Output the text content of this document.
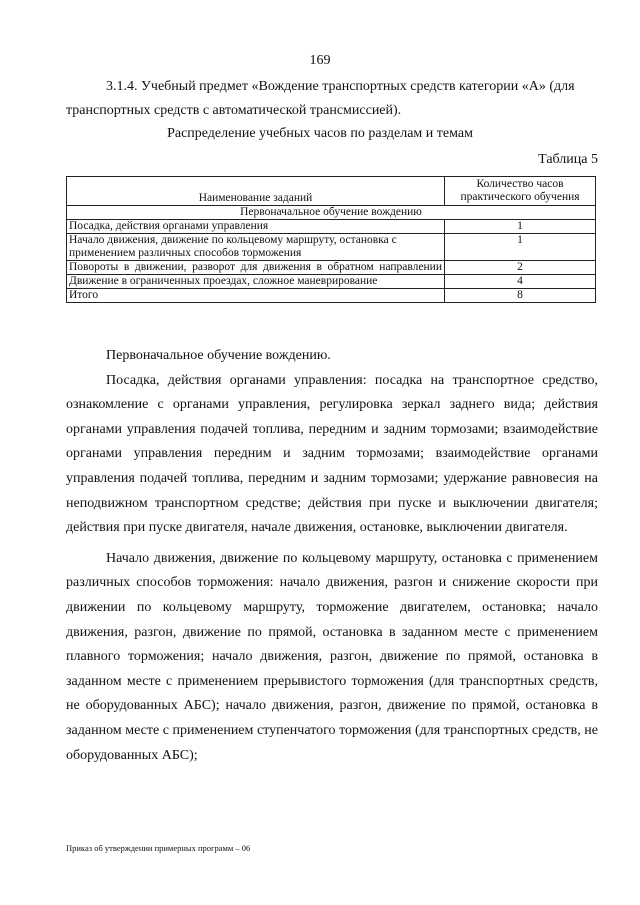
169
3.1.4. Учебный предмет «Вождение транспортных средств категории «А» (для
транспортных средств с автоматической трансмиссией).
Распределение учебных часов по разделам и темам
Таблица 5
Наименование заданий	Количество часов практического обучения
Первоначальное обучение вождению	
Посадка, действия органами управления	1
Начало движения, движение по кольцевому маршруту, остановка с применением различных способов торможения	1
Повороты в движении, разворот для движения в обратном направлении	2
Движение в ограниченных проездах, сложное маневрирование	4
Итого	8

Первоначальное обучение вождению.

Посадка, действия органами управления: посадка на транспортное средство, ознакомление с органами управления, регулировка зеркал заднего вида; действия органами управления подачей топлива, передним и задним тормозами; взаимодействие органами управления передним и задним тормозами; взаимодействие органами управления подачей топлива, передним и задним тормозами; удержание равновесия на неподвижном транспортном средстве; действия при пуске и выключении двигателя; действия при пуске двигателя, начале движения, остановке, выключении двигателя.

Начало движения, движение по кольцевому маршруту, остановка с применением различных способов торможения: начало движения, разгон и снижение скорости при движении по кольцевому маршруту, торможение двигателем, остановка; начало движения, разгон, движение по прямой, остановка в заданном месте с применением плавного торможения; начало движения, разгон, движение по прямой, остановка в заданном месте с применением прерывистого торможения (для транспортных средств, не оборудованных АБС); начало движения, разгон, движение по прямой, остановка в заданном месте с применением ступенчатого торможения (для транспортных средств, не оборудованных АБС);

Приказ об утверждении примерных программ – 06
